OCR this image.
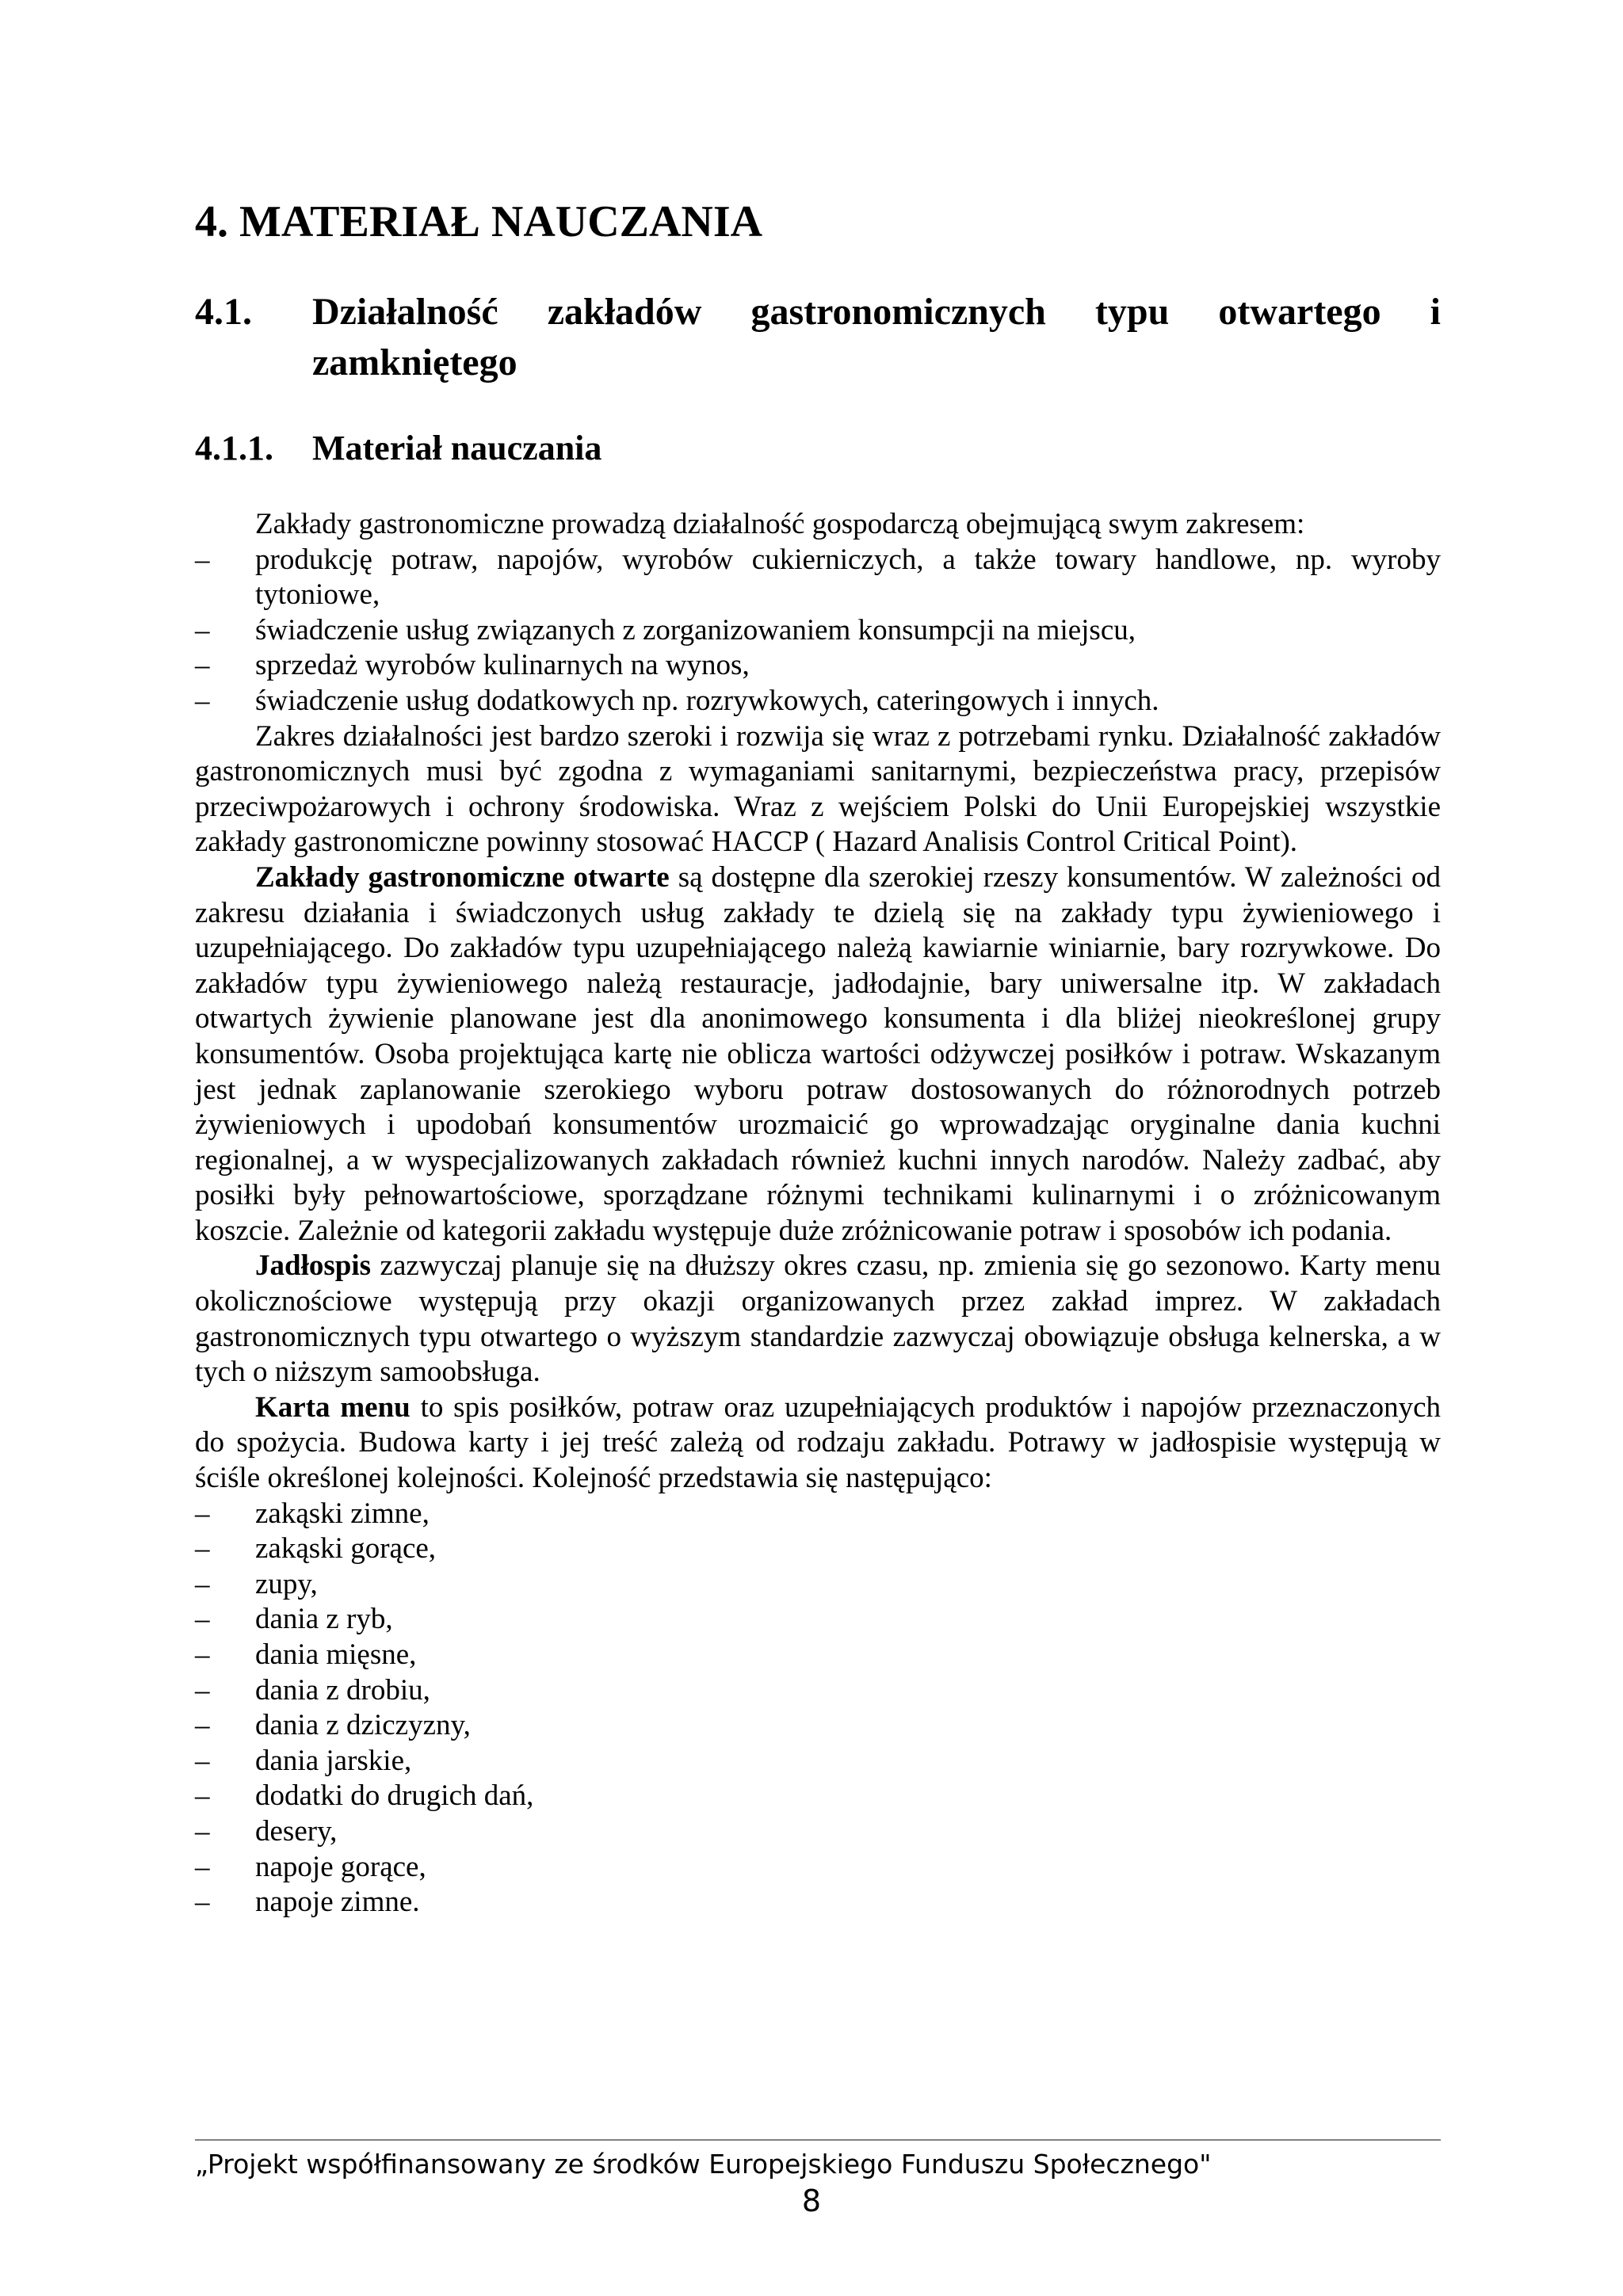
4. MATERIAŁ NAUCZANIA
4.1. Działalność zakładów gastronomicznych typu otwartego i zamkniętego
4.1.1. Materiał nauczania

Zakłady gastronomiczne prowadzą działalność gospodarczą obejmującą swym zakresem:

– produkcję potraw, napojów, wyrobów cukierniczych, a także towary handlowe, np. wyroby tytoniowe,

– świadczenie usług związanych z zorganizowaniem konsumpcji na miejscu,

– sprzedaż wyrobów kulinarnych na wynos,

– świadczenie usług dodatkowych np. rozrywkowych, cateringowych i innych.

Zakres działalności jest bardzo szeroki i rozwija się wraz z potrzebami rynku. Działalność zakładów gastronomicznych musi być zgodna z wymaganiami sanitarnymi, bezpieczeństwa pracy, przepisów przeciwpożarowych i ochrony środowiska. Wraz z wejściem Polski do Unii Europejskiej wszystkie zakłady gastronomiczne powinny stosować HACCP ( Hazard Analisis Control Critical Point).

Zakłady gastronomiczne otwarte są dostępne dla szerokiej rzeszy konsumentów. W zależności od zakresu działania i świadczonych usług zakłady te dzielą się na zakłady typu żywieniowego i uzupełniającego. Do zakładów typu uzupełniającego należą kawiarnie winiarnie, bary rozrywkowe. Do zakładów typu żywieniowego należą restauracje, jadłodajnie, bary uniwersalne itp. W zakładach otwartych żywienie planowane jest dla anonimowego konsumenta i dla bliżej nieokreślonej grupy konsumentów. Osoba projektująca kartę nie oblicza wartości odżywczej posiłków i potraw. Wskazanym jest jednak zaplanowanie szerokiego wyboru potraw dostosowanych do różnorodnych potrzeb żywieniowych i upodobań konsumentów urozmaicić go wprowadzając oryginalne dania kuchni regionalnej, a w wyspecjalizowanych zakładach również kuchni innych narodów. Należy zadbać, aby posiłki były pełnowartościowe, sporządzane różnymi technikami kulinarnymi i o zróżnicowanym koszcie. Zależnie od kategorii zakładu występuje duże zróżnicowanie potraw i sposobów ich podania.

Jadłospis zazwyczaj planuje się na dłuższy okres czasu, np. zmienia się go sezonowo. Karty menu okolicznościowe występują przy okazji organizowanych przez zakład imprez. W zakładach gastronomicznych typu otwartego o wyższym standardzie zazwyczaj obowiązuje obsługa kelnerska, a w tych o niższym samoobsługa.

Karta menu to spis posiłków, potraw oraz uzupełniających produktów i napojów przeznaczonych do spożycia. Budowa karty i jej treść zależą od rodzaju zakładu. Potrawy w jadłospisie występują w ściśle określonej kolejności. Kolejność przedstawia się następująco:

– zakąski zimne,

– zakąski gorące,

– zupy,

– dania z ryb,

– dania mięsne,

– dania z drobiu,

– dania z dziczyzny,

– dania jarskie,

– dodatki do drugich dań,

– desery,

– napoje gorące,

– napoje zimne.

„Projekt współfinansowany ze środków Europejskiego Funduszu Społecznego"
8
